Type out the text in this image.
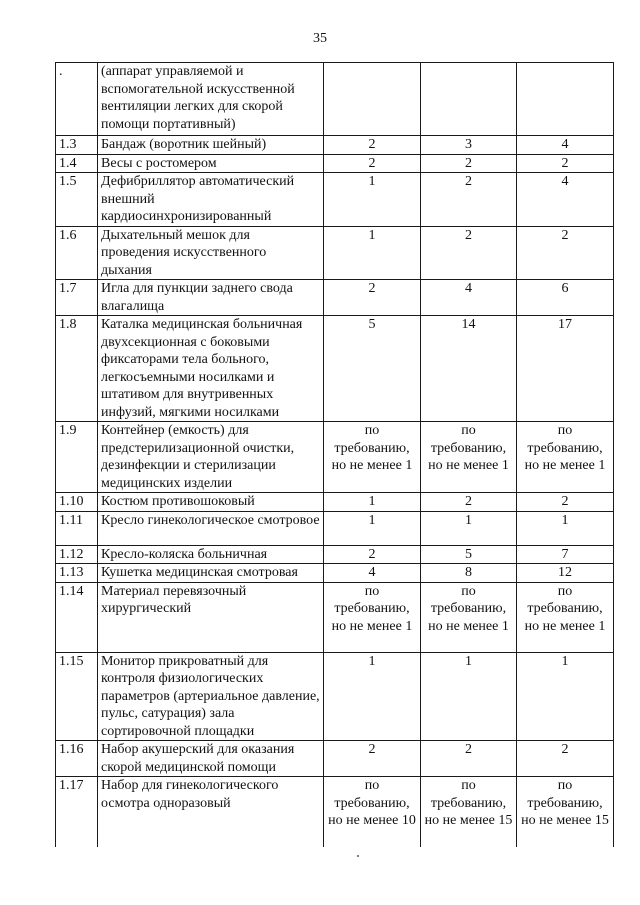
35
.	(аппарат управляемой и вспомогательной искусственной вентиляции легких для скорой помощи портативный)			
1.3	Бандаж (воротник шейный)	2	3	4
1.4	Весы с ростомером	2	2	2
1.5	Дефибриллятор автоматический внешний кардиосинхронизированный	1	2	4
1.6	Дыхательный мешок для проведения искусственного дыхания	1	2	2
1.7	Игла для пункции заднего свода влагалища	2	4	6
1.8	Каталка медицинская больничная двухсекционная с боковыми фиксаторами тела больного, легкосъемными носилками и штативом для внутривенных инфузий, мягкими носилками	5	14	17
1.9	Контейнер (емкость) для предстерилизационной очистки, дезинфекции и стерилизации медицинских изделии	по требованию, но не менее 1	по требованию, но не менее 1	по требованию, но не менее 1
1.10	Костюм противошоковый	1	2	2
1.11	Кресло гинекологическое смотровое	1	1	1
1.12	Кресло-коляска больничная	2	5	7
1.13	Кушетка медицинская смотровая	4	8	12
1.14	Материал перевязочный хирургический	по требованию, но не менее 1	по требованию, но не менее 1	по требованию, но не менее 1
1.15	Монитор прикроватный для контроля физиологических параметров (артериальное давление, пульс, сатурация) зала сортировочной площадки	1	1	1
1.16	Набор акушерский для оказания скорой медицинской помощи	2	2	2
1.17	Набор для гинекологического осмотра одноразовый	по требованию, но не менее 10	по требованию, но не менее 15	по требованию, но не менее 15
